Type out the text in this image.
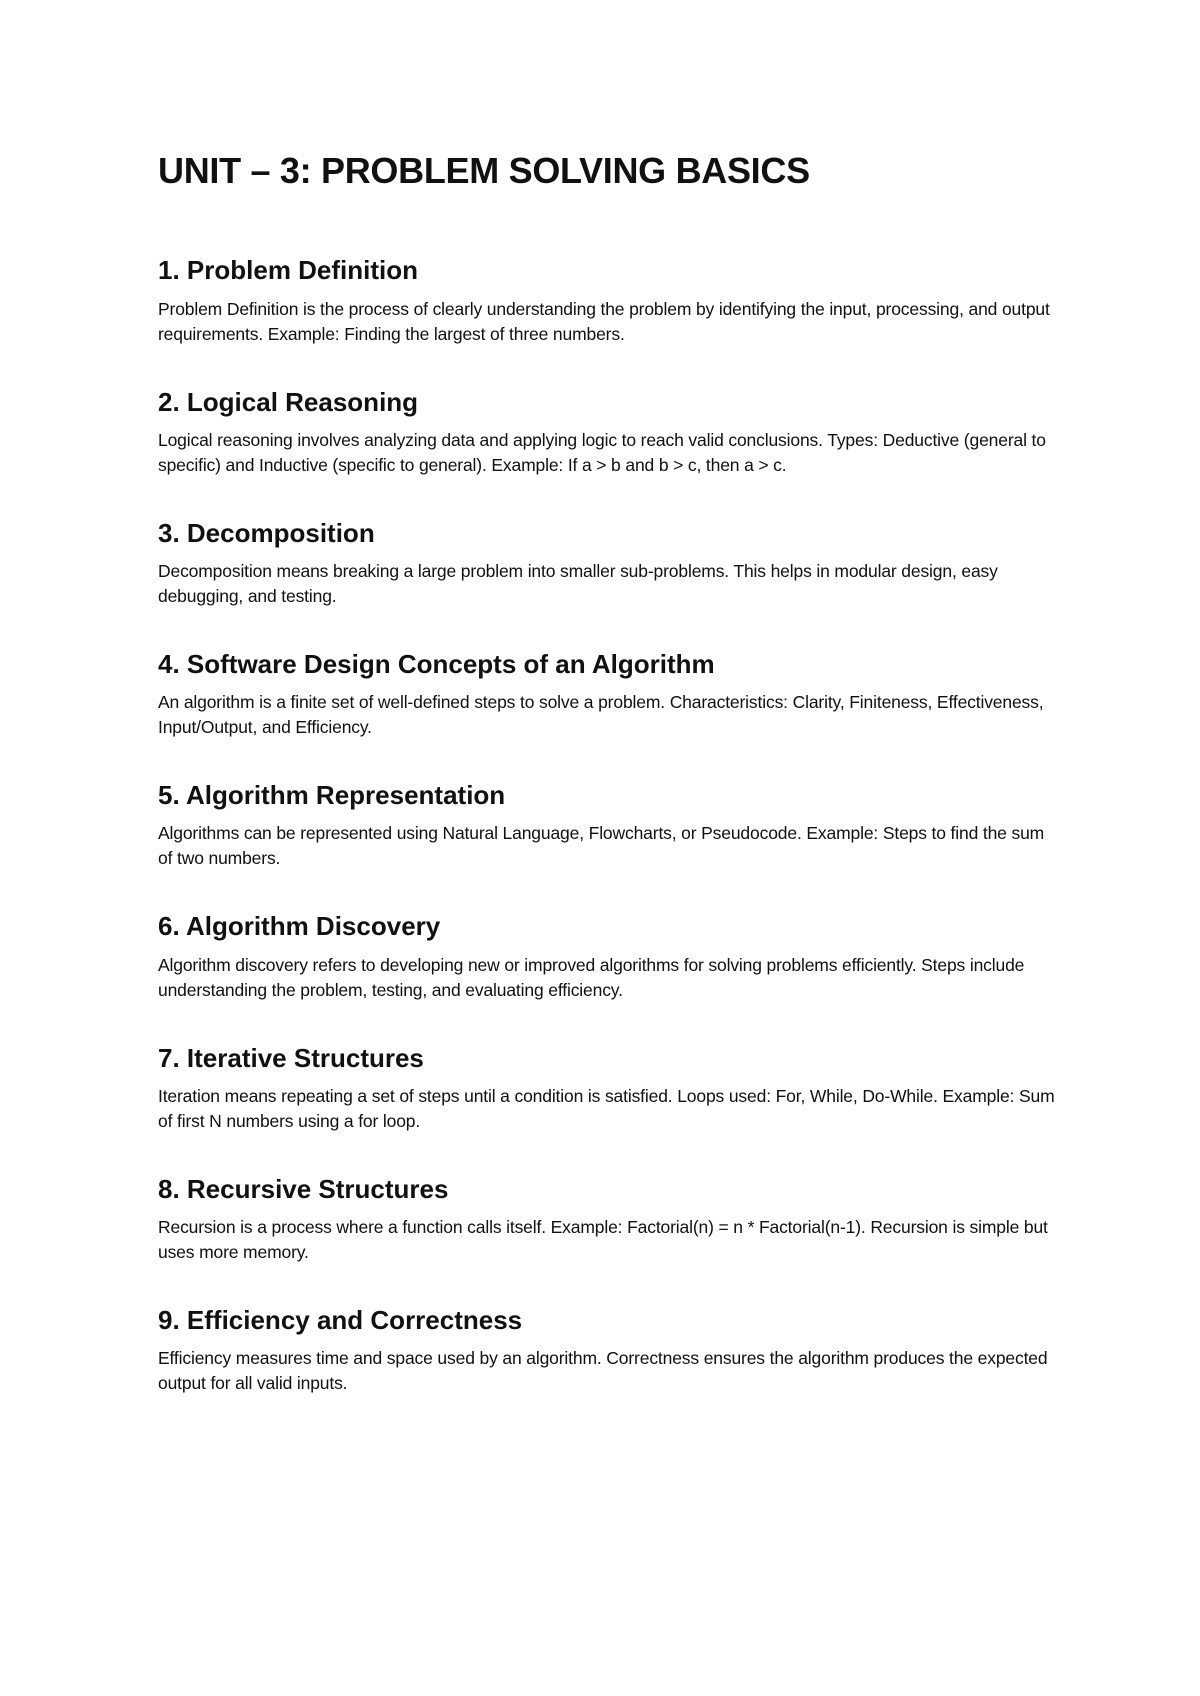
UNIT – 3: PROBLEM SOLVING BASICS
1. Problem Definition

Problem Definition is the process of clearly understanding the problem by identifying the input, processing, and output requirements. Example: Finding the largest of three numbers.

2. Logical Reasoning

Logical reasoning involves analyzing data and applying logic to reach valid conclusions. Types: Deductive (general to specific) and Inductive (specific to general). Example: If a > b and b > c, then a > c.

3. Decomposition

Decomposition means breaking a large problem into smaller sub-problems. This helps in modular design, easy debugging, and testing.

4. Software Design Concepts of an Algorithm

An algorithm is a finite set of well-defined steps to solve a problem. Characteristics: Clarity, Finiteness, Effectiveness, Input/Output, and Efficiency.

5. Algorithm Representation

Algorithms can be represented using Natural Language, Flowcharts, or Pseudocode. Example: Steps to find the sum of two numbers.

6. Algorithm Discovery

Algorithm discovery refers to developing new or improved algorithms for solving problems efficiently. Steps include understanding the problem, testing, and evaluating efficiency.

7. Iterative Structures

Iteration means repeating a set of steps until a condition is satisfied. Loops used: For, While, Do-While. Example: Sum of first N numbers using a for loop.

8. Recursive Structures

Recursion is a process where a function calls itself. Example: Factorial(n) = n * Factorial(n-1). Recursion is simple but uses more memory.

9. Efficiency and Correctness

Efficiency measures time and space used by an algorithm. Correctness ensures the algorithm produces the expected output for all valid inputs.
